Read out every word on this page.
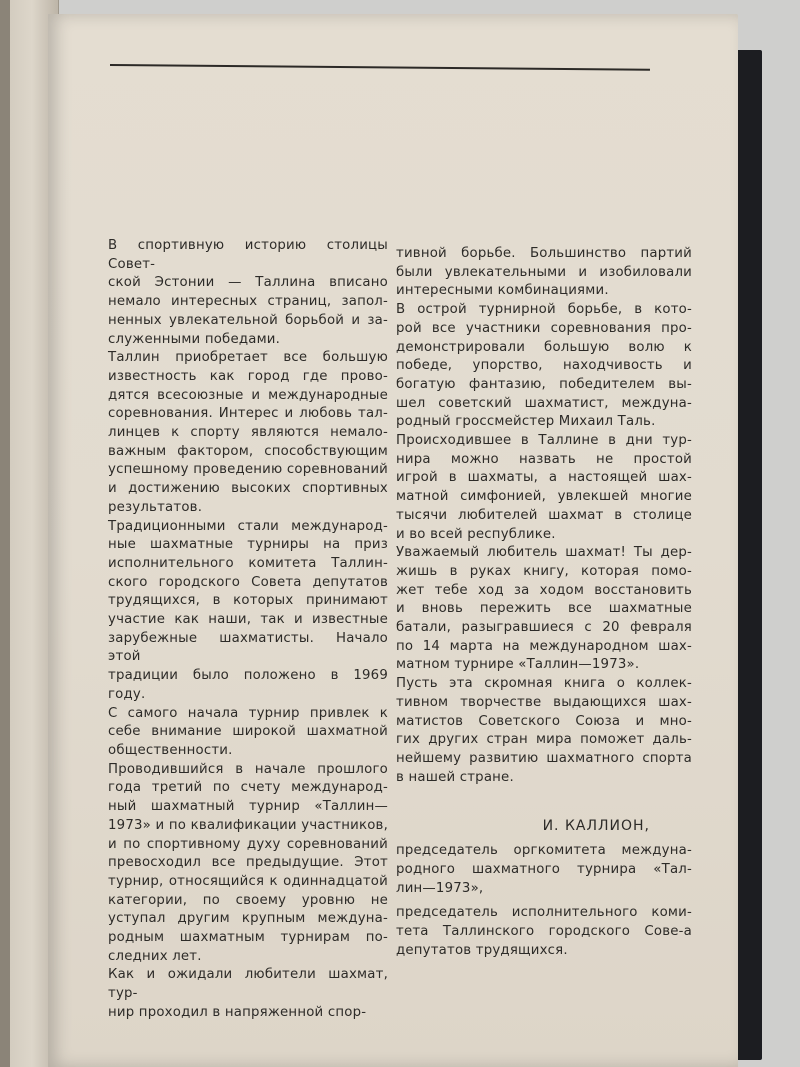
В спортивную историю столицы Совет-

ской Эстонии — Таллина вписано

немало интересных страниц, запол-

ненных увлекательной борьбой и за-

служенными победами.

Таллин приобретает все большую

известность как город где прово-

дятся всесоюзные и международные

соревнования. Интерес и любовь тал-

линцев к спорту являются немало-

важным фактором, способствующим

успешному проведению соревнований

и достижению высоких спортивных

результатов.

Традиционными стали международ-

ные шахматные турниры на приз

исполнительного комитета Таллин-

ского городского Совета депутатов

трудящихся, в которых принимают

участие как наши, так и известные

зарубежные шахматисты. Начало этой

традиции было положено в 1969 году.

С самого начала турнир привлек к

себе внимание широкой шахматной

общественности.

Проводившийся в начале прошлого

года третий по счету международ-

ный шахматный турнир «Таллин—

1973» и по квалификации участников,

и по спортивному духу соревнований

превосходил все предыдущие. Этот

турнир, относящийся к одиннадцатой

категории, по своему уровню не

уступал другим крупным междуна-

родным шахматным турнирам по-

следних лет.

Как и ожидали любители шахмат, тур-

нир проходил в напряженной спор-

тивной борьбе. Большинство партий

были увлекательными и изобиловали

интересными комбинациями.

В острой турнирной борьбе, в кото-

рой все участники соревнования про-

демонстрировали большую волю к

победе, упорство, находчивость и

богатую фантазию, победителем вы-

шел советский шахматист, междуна-

родный гроссмейстер Михаил Таль.

Происходившее в Таллине в дни тур-

нира можно назвать не простой

игрой в шахматы, а настоящей шах-

матной симфонией, увлекшей многие

тысячи любителей шахмат в столице

и во всей республике.

Уважаемый любитель шахмат! Ты дер-

жишь в руках книгу, которая помо-

жет тебе ход за ходом восстановить

и вновь пережить все шахматные

батали, разыгравшиеся с 20 февраля

по 14 марта на международном шах-

матном турнире «Таллин—1973».

Пусть эта скромная книга о коллек-

тивном творчестве выдающихся шах-

матистов Советского Союза и мно-

гих других стран мира поможет даль-

нейшему развитию шахматного спорта

в нашей стране.

И. КАЛЛИОН,

председатель оргкомитета междуна-

родного шахматного турнира «Тал-

лин—1973»,

председатель исполнительного коми-

тета Таллинского городского Сове-а

депутатов трудящихся.
